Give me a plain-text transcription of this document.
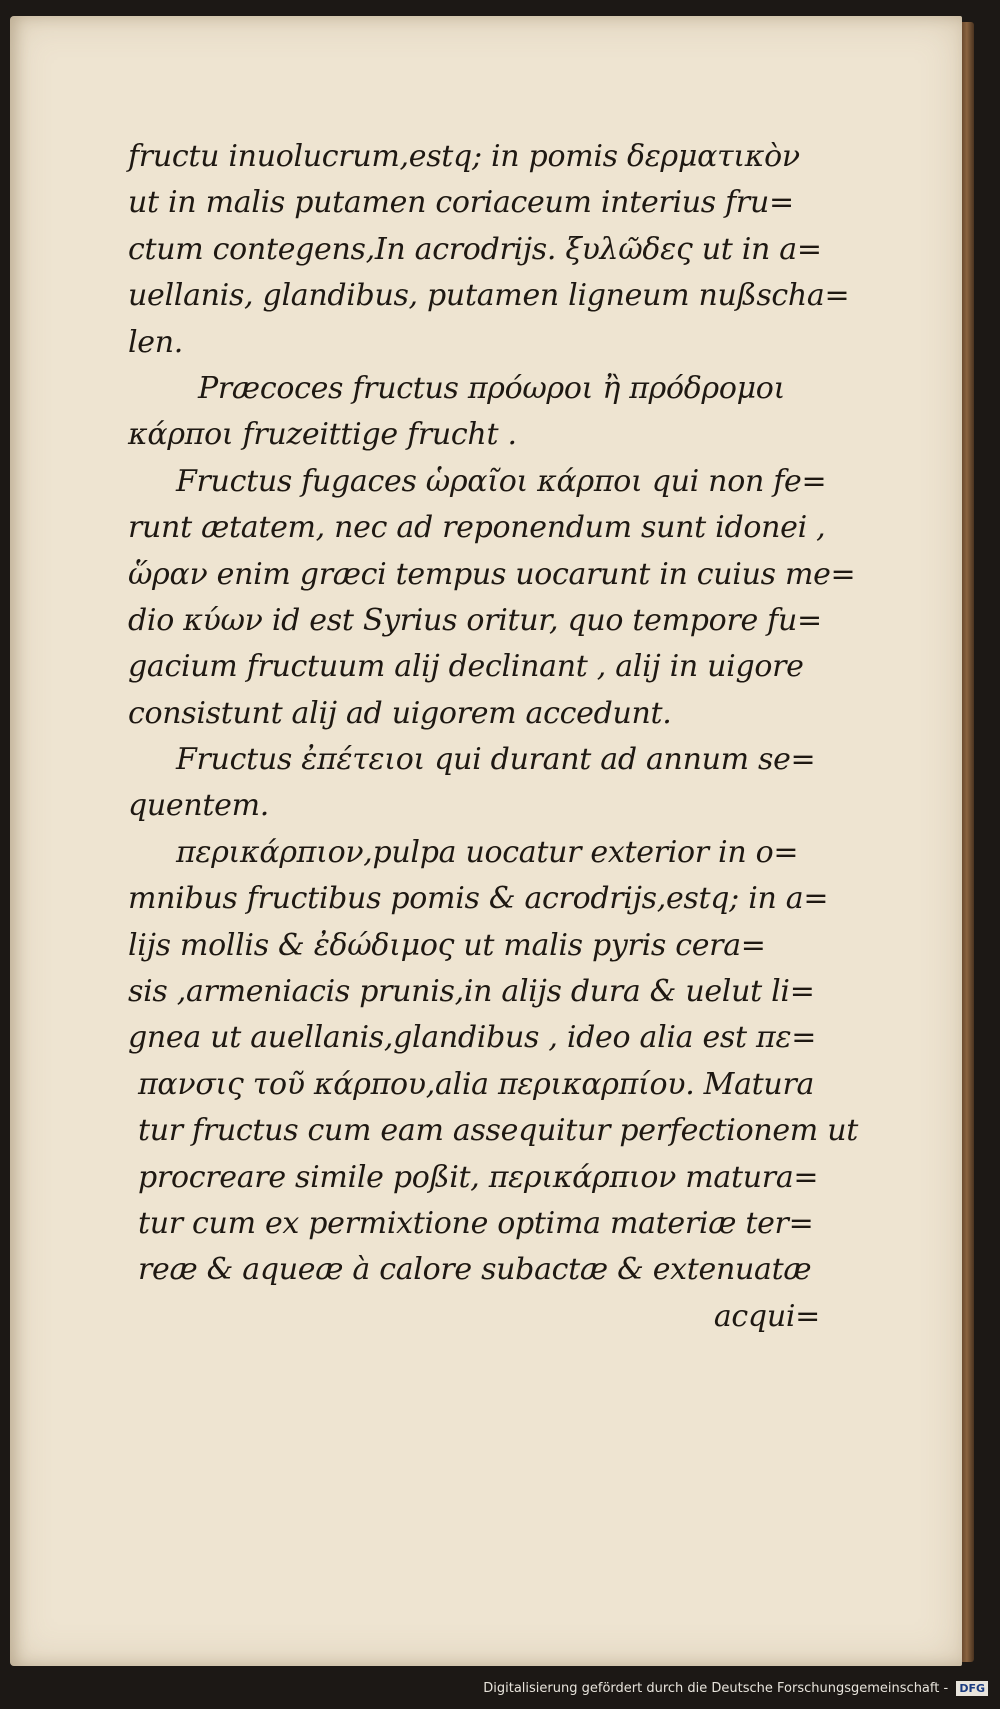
fructu inuolucrum,estq; in pomis δερματικὸν
ut in malis putamen coriaceum interius fru=
ctum contegens,In acrodrijs. ξυλῶδες ut in a=
uellanis, glandibus, putamen ligneum nußscha=
len.
Præcoces fructus πρόωροι ἢ πρόδρομοι
κάρποι fruzeittige frucht .
Fructus fugaces ὡραῖοι κάρποι qui non fe=
runt ætatem, nec ad reponendum sunt idonei ,
ὥραν enim græci tempus uocarunt in cuius me=
dio κύων id est Syrius oritur, quo tempore fu=
gacium fructuum alij declinant , alij in uigore
consistunt alij ad uigorem accedunt.
Fructus ἐπέτειοι qui durant ad annum se=
quentem.
περικάρπιον,pulpa uocatur exterior in o=
mnibus fructibus pomis & acrodrijs,estq; in a=
lijs mollis & ἐδώδιμος ut malis pyris cera=
sis ,armeniacis prunis,in alijs dura & uelut li=
gnea ut auellanis,glandibus , ideo alia est πε=
πανσις τοῦ κάρπου,alia περικαρπίου. Matura
tur fructus cum eam assequitur perfectionem ut
procreare simile poßit, περικάρπιον matura=
tur cum ex permixtione optima materiæ ter=
reæ & aqueæ à calore subactæ & extenuatæ
acqui=
Digitalisierung gefördert durch die Deutsche Forschungsgemeinschaft - DFG
